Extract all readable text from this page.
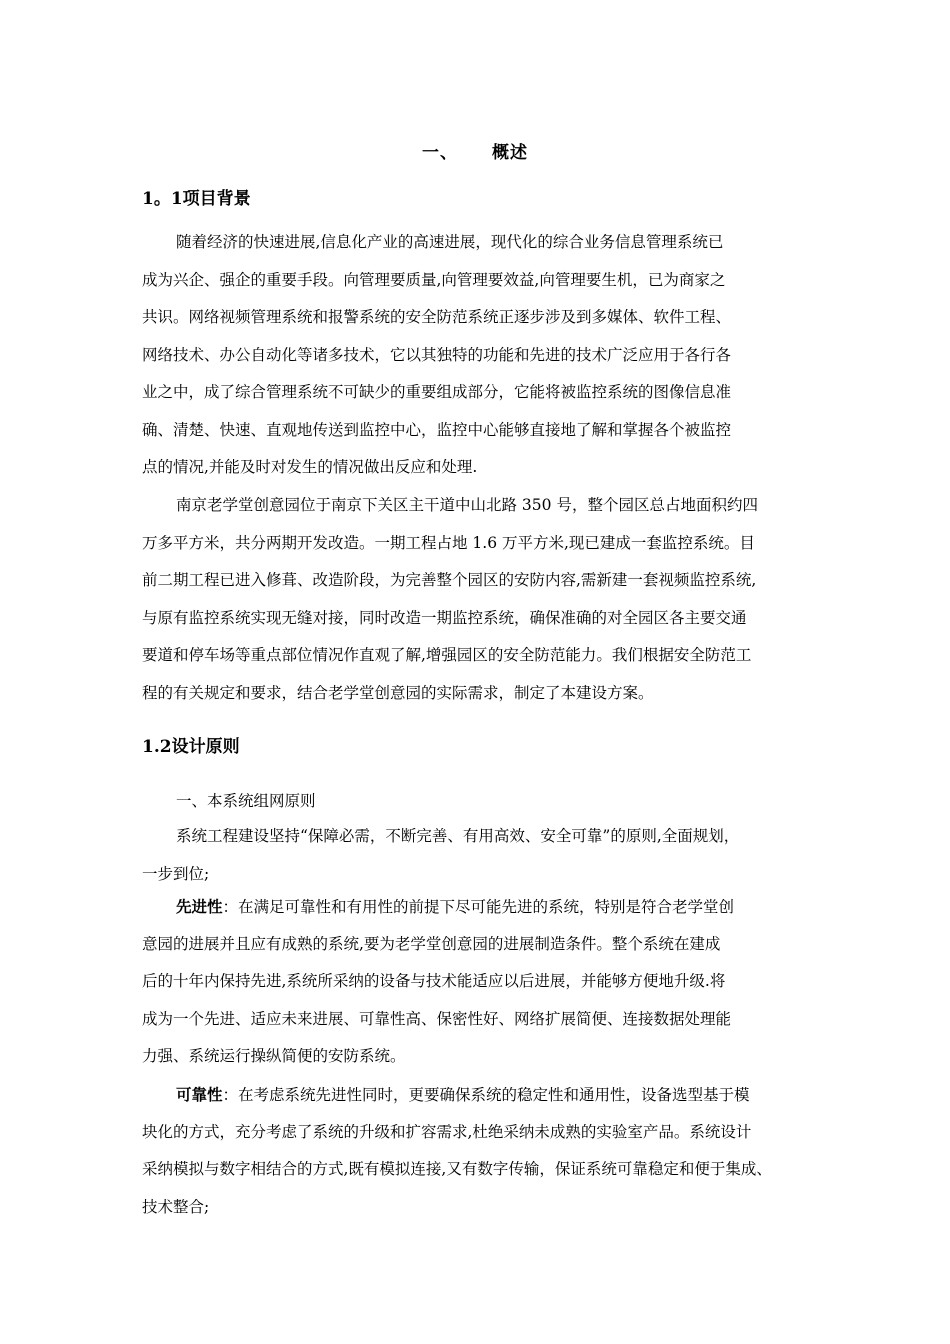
一、 概述
1。1项目背景
随着经济的快速进展,信息化产业的高速进展，现代化的综合业务信息管理系统已
成为兴企、强企的重要手段。向管理要质量,向管理要效益,向管理要生机，已为商家之
共识。网络视频管理系统和报警系统的安全防范系统正逐步涉及到多媒体、软件工程、
网络技术、办公自动化等诸多技术，它以其独特的功能和先进的技术广泛应用于各行各
业之中，成了综合管理系统不可缺少的重要组成部分，它能将被监控系统的图像信息准
确、清楚、快速、直观地传送到监控中心，监控中心能够直接地了解和掌握各个被监控
点的情况,并能及时对发生的情况做出反应和处理.
南京老学堂创意园位于南京下关区主干道中山北路 350 号，整个园区总占地面积约四
万多平方米，共分两期开发改造。一期工程占地 1.6 万平方米,现已建成一套监控系统。目
前二期工程已进入修葺、改造阶段，为完善整个园区的安防内容,需新建一套视频监控系统,
与原有监控系统实现无缝对接，同时改造一期监控系统，确保准确的对全园区各主要交通
要道和停车场等重点部位情况作直观了解,增强园区的安全防范能力。我们根据安全防范工
程的有关规定和要求，结合老学堂创意园的实际需求，制定了本建设方案。
1.2设计原则
一、本系统组网原则
系统工程建设坚持“保障必需，不断完善、有用高效、安全可靠”的原则,全面规划，
一步到位;
先进性：在满足可靠性和有用性的前提下尽可能先进的系统，特别是符合老学堂创
意园的进展并且应有成熟的系统,要为老学堂创意园的进展制造条件。整个系统在建成
后的十年内保持先进,系统所采纳的设备与技术能适应以后进展，并能够方便地升级.将
成为一个先进、适应未来进展、可靠性高、保密性好、网络扩展简便、连接数据处理能
力强、系统运行操纵简便的安防系统。
可靠性：在考虑系统先进性同时，更要确保系统的稳定性和通用性，设备选型基于模
块化的方式，充分考虑了系统的升级和扩容需求,杜绝采纳未成熟的实验室产品。系统设计
采纳模拟与数字相结合的方式,既有模拟连接,又有数字传输，保证系统可靠稳定和便于集成、
技术整合;
